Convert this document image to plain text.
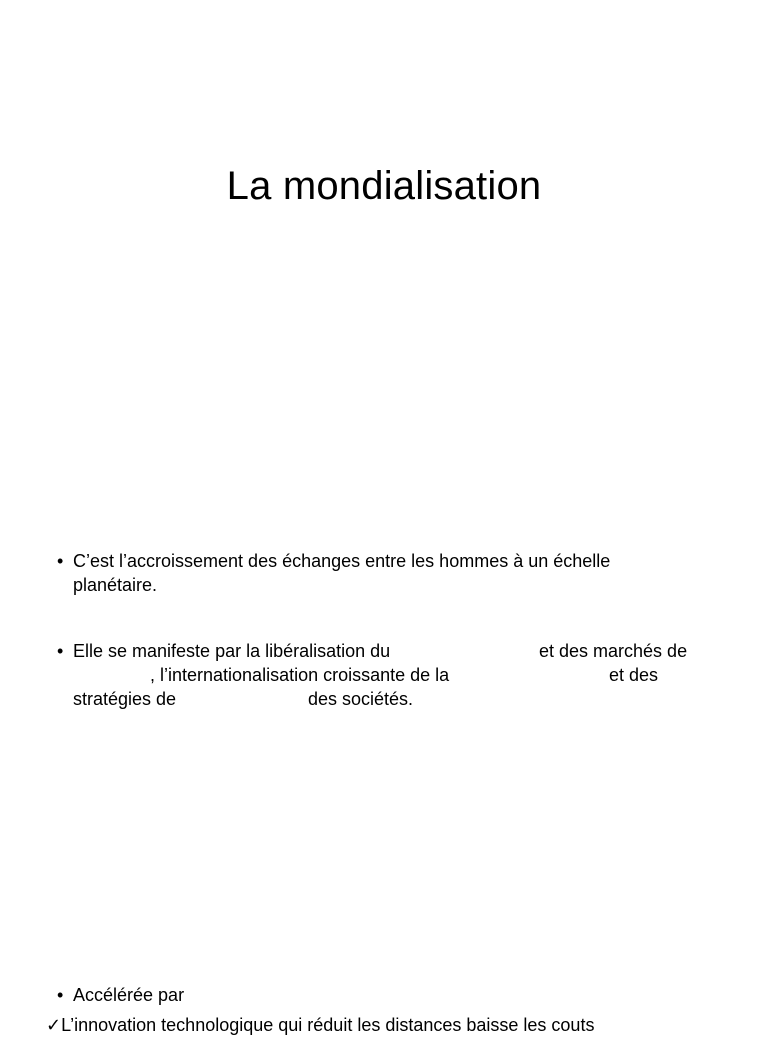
La mondialisation
• C’est l’accroissement des échanges entre les hommes à un échelle
planétaire.
• Elle se manifeste par la libéralisation du	et des marchés de
, l’internationalisation croissante de la	et des
stratégies de	des sociétés.
• Accélérée par
✓L’innovation technologique qui réduit les distances baisse les couts
